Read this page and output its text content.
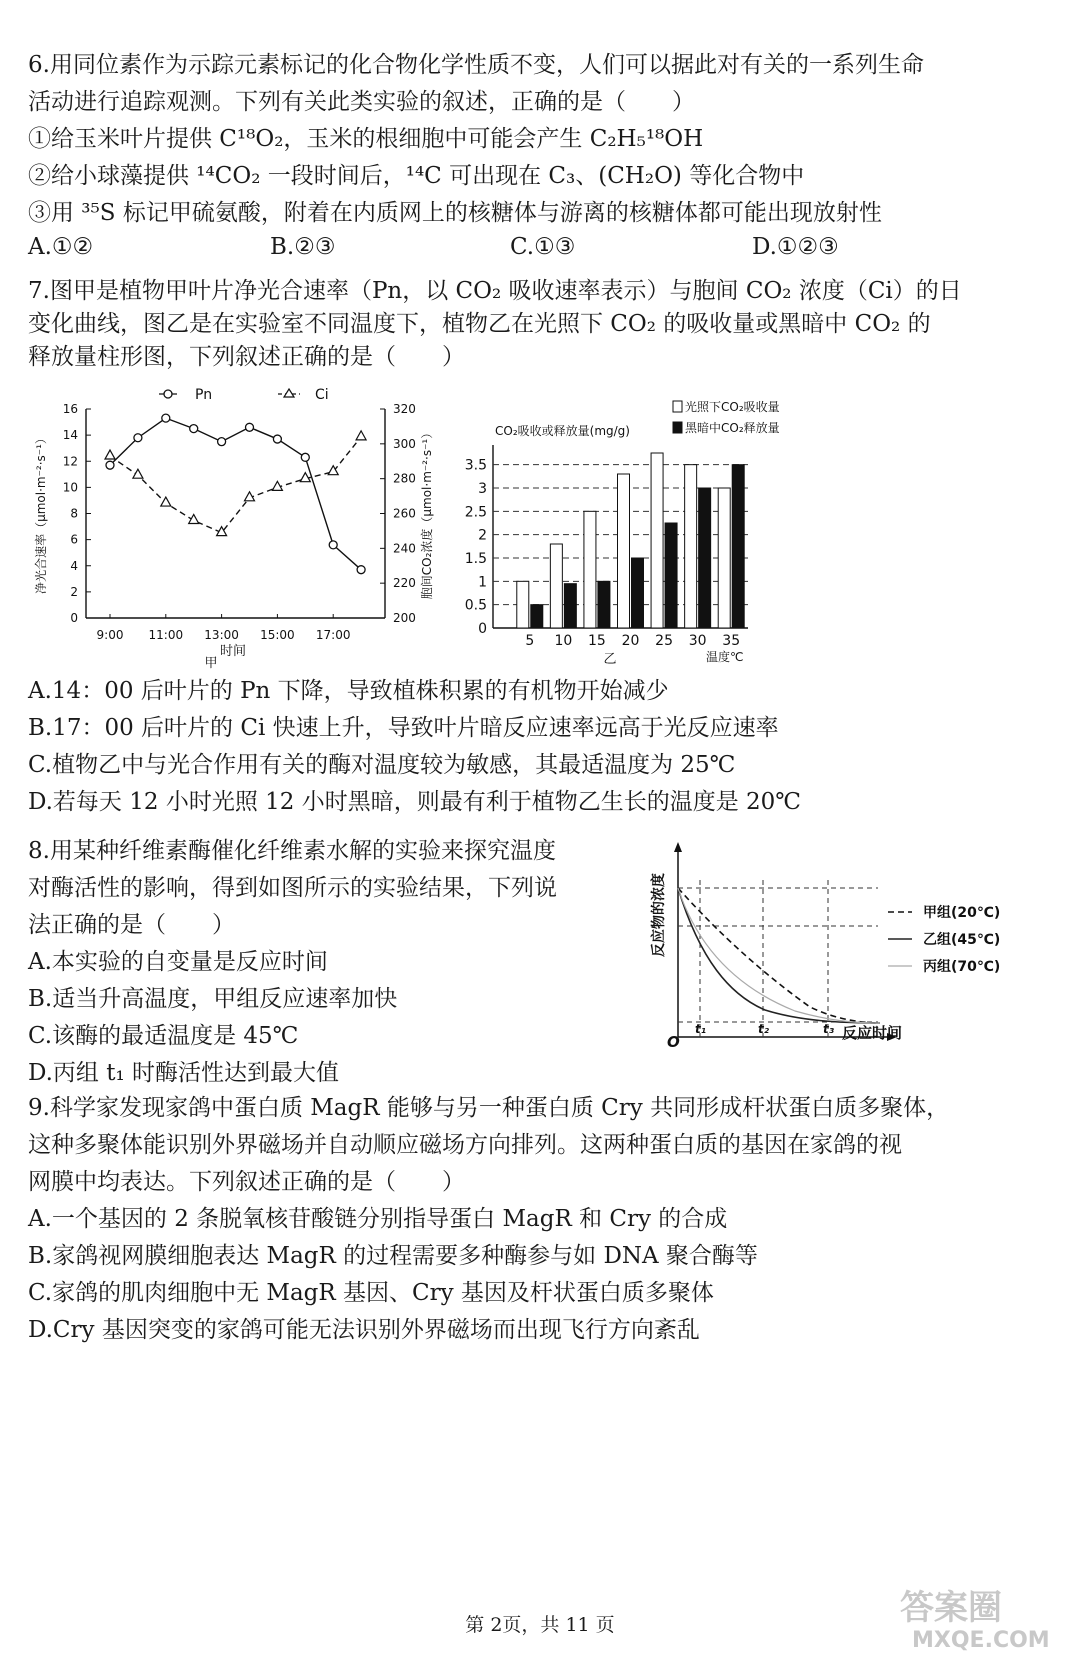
6.用同位素作为示踪元素标记的化合物化学性质不变，人们可以据此对有关的一系列生命
活动进行追踪观测。下列有关此类实验的叙述，正确的是（　　）
①给玉米叶片提供 C¹⁸O₂，玉米的根细胞中可能会产生 C₂H₅¹⁸OH
②给小球藻提供 ¹⁴CO₂ 一段时间后，¹⁴C 可出现在 C₃、(CH₂O) 等化合物中
③用 ³⁵S 标记甲硫氨酸，附着在内质网上的核糖体与游离的核糖体都可能出现放射性
A.①②	B.②③	C.①③	D.①②③
7.图甲是植物甲叶片净光合速率（Pn，以 CO₂ 吸收速率表示）与胞间 CO₂ 浓度（Ci）的日
变化曲线，图乙是在实验室不同温度下，植物乙在光照下 CO₂ 的吸收量或黑暗中 CO₂ 的
释放量柱形图，下列叙述正确的是（　　）
0
2
4
6
8
10
12
14
16
200
220
240
260
280
300
320
9:00 11:00 13:00 15:00 17:00
Pn	Ci
净光合速率（μmol·m⁻²·s⁻¹）	胞间CO₂浓度（μmol·m⁻²·s⁻¹）
时间
甲
0
0.5
1
1.5
2
2.5
3
3.5
5 10 15 20 25 30 35
CO₂吸收或释放量(mg/g)
光照下CO₂吸收量
黑暗中CO₂释放量
温度℃
乙
A.14：00 后叶片的 Pn 下降，导致植株积累的有机物开始减少
B.17：00 后叶片的 Ci 快速上升，导致叶片暗反应速率远高于光反应速率
C.植物乙中与光合作用有关的酶对温度较为敏感，其最适温度为 25℃
D.若每天 12 小时光照 12 小时黑暗，则最有利于植物乙生长的温度是 20℃
8.用某种纤维素酶催化纤维素水解的实验来探究温度
对酶活性的影响，得到如图所示的实验结果，下列说
法正确的是（　　）
A.本实验的自变量是反应时间
B.适当升高温度，甲组反应速率加快
C.该酶的最适温度是 45℃
D.丙组 t₁ 时酶活性达到最大值
O
t₁	t₂	t₃ 反应时间
反应物的浓度	甲组(20℃)
乙组(45℃)
丙组(70℃)
9.科学家发现家鸽中蛋白质 MagR 能够与另一种蛋白质 Cry 共同形成杆状蛋白质多聚体，
这种多聚体能识别外界磁场并自动顺应磁场方向排列。这两种蛋白质的基因在家鸽的视
网膜中均表达。下列叙述正确的是（　　）
A.一个基因的 2 条脱氧核苷酸链分别指导蛋白 MagR 和 Cry 的合成
B.家鸽视网膜细胞表达 MagR 的过程需要多种酶参与如 DNA 聚合酶等
C.家鸽的肌肉细胞中无 MagR 基因、Cry 基因及杆状蛋白质多聚体
D.Cry 基因突变的家鸽可能无法识别外界磁场而出现飞行方向紊乱
第 2页，共 11 页	答案圈
MXQE.COM
